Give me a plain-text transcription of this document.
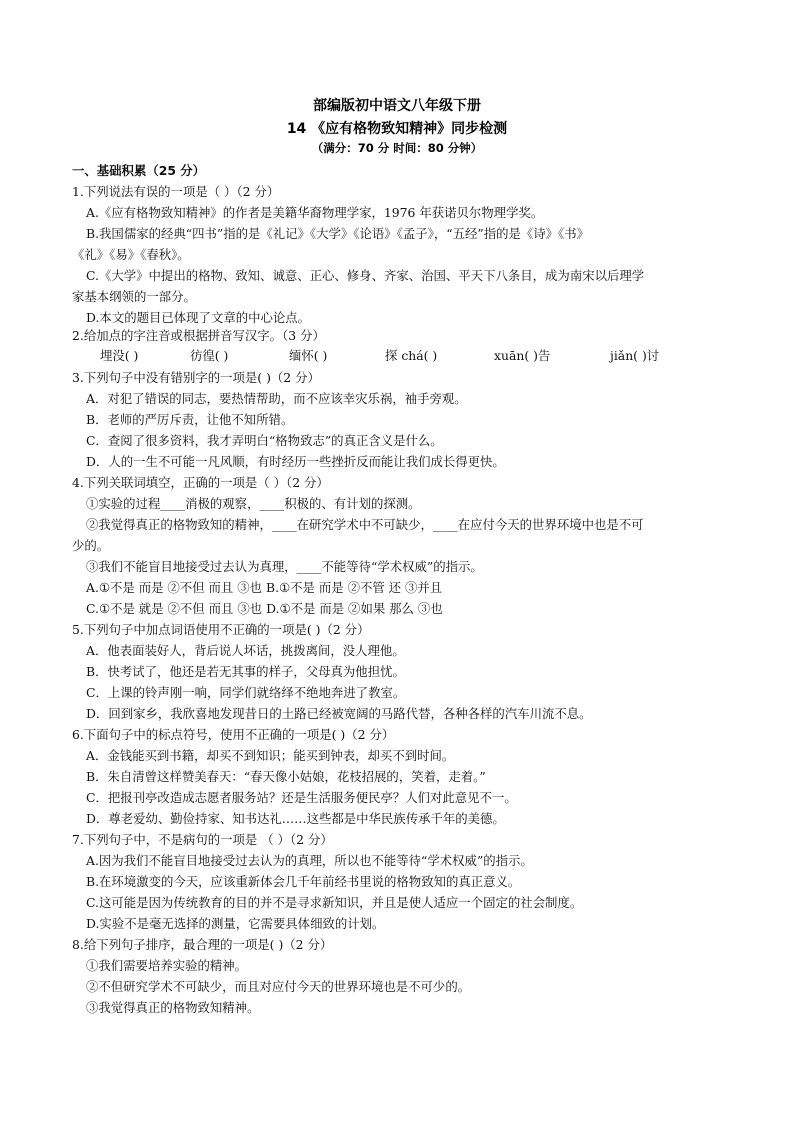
部编版初中语文八年级下册
14 《应有格物致知精神》同步检测
（满分：70 分 时间：80 分钟）
一、基础积累（25 分）
1.下列说法有误的一项是（ ）（2 分）
A.《应有格物致知精神》的作者是美籍华裔物理学家，1976 年获诺贝尔物理学奖。
B.我国儒家的经典“四书”指的是《礼记》《大学》《论语》《孟子》，“五经”指的是《诗》《书》
《礼》《易》《春秋》。
C.《大学》中提出的格物、致知、诚意、正心、修身、齐家、治国、平天下八条目，成为南宋以后理学
家基本纲领的一部分。
D.本文的题目已体现了文章的中心论点。
2.给加点的字注音或根据拼音写汉字。（3 分）
埋没( )	彷徨( )	缅怀( )	探 chá( )	xuān( )告	jiǎn( )讨
3.下列句子中没有错别字的一项是( )（2 分）
A．对犯了错误的同志，要热情帮助，而不应该幸灾乐祸，袖手旁观。
B．老师的严厉斥责，让他不知所错。
C．查阅了很多资料，我才弄明白“格物致志”的真正含义是什么。
D．人的一生不可能一凡风顺，有时经历一些挫折反而能让我们成长得更快。
4.下列关联词填空，正确的一项是（ ）（2 分）
①实验的过程____消极的观察，____积极的、有计划的探测。
②我觉得真正的格物致知的精神，____在研究学术中不可缺少，____在应付今天的世界环境中也是不可
少的。
③我们不能盲目地接受过去认为真理，____不能等待“学术权威”的指示。
A.①不是 而是 ②不但 而且 ③也 B.①不是 而是 ②不管 还 ③并且
C.①不是 就是 ②不但 而且 ③也 D.①不是 而是 ②如果 那么 ③也
5.下列句子中加点词语使用不正确的一项是( )（2 分）
A．他表面装好人，背后说人坏话，挑拨离间，没人理他。
B．快考试了，他还是若无其事的样子，父母真为他担忧。
C．上课的铃声刚一响，同学们就络绎不绝地奔进了教室。
D．回到家乡，我欣喜地发现昔日的土路已经被宽阔的马路代替，各种各样的汽车川流不息。
6.下面句子中的标点符号，使用不正确的一项是( )（2 分）
A．金钱能买到书籍，却买不到知识；能买到钟表，却买不到时间。
B．朱自清曾这样赞美春天：“春天像小姑娘，花枝招展的，笑着，走着。”
C．把报刊亭改造成志愿者服务站？还是生活服务便民亭？人们对此意见不一。
D．尊老爱幼、勤俭持家、知书达礼……这些都是中华民族传承千年的美德。
7.下列句子中，不是病句的一项是 （ ）（2 分）
A.因为我们不能盲目地接受过去认为的真理，所以也不能等待“学术权威”的指示。
B.在环境激变的今天，应该重新体会几千年前经书里说的格物致知的真正意义。
C.这可能是因为传统教育的目的并不是寻求新知识，并且是使人适应一个固定的社会制度。
D.实验不是毫无选择的测量，它需要具体细致的计划。
8.给下列句子排序，最合理的一项是( )（2 分）
①我们需要培养实验的精神。
②不但研究学术不可缺少，而且对应付今天的世界环境也是不可少的。
③我觉得真正的格物致知精神。
